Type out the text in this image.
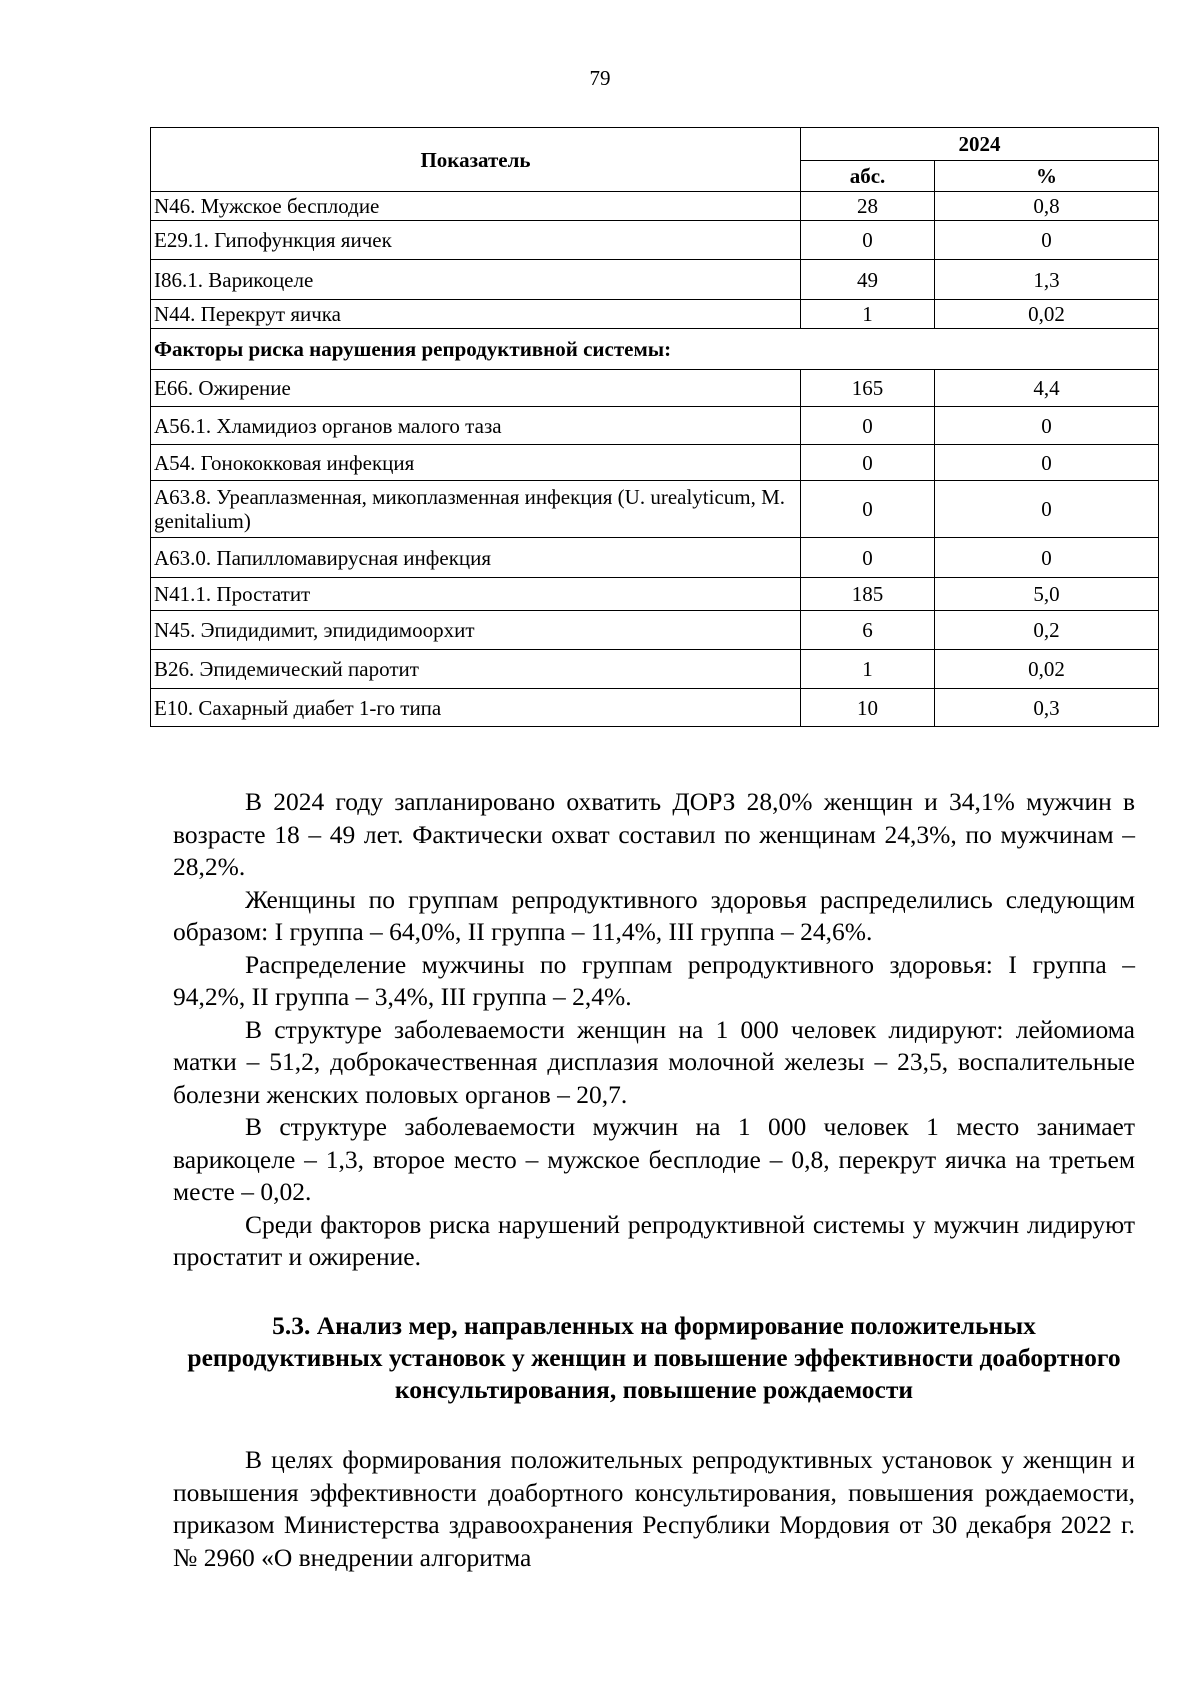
79
Показатель	2024	
	абс.	%
N46. Мужское бесплодие	28	0,8
E29.1. Гипофункция яичек	0	0
I86.1. Варикоцеле	49	1,3
N44. Перекрут яичка	1	0,02
Факторы риска нарушения репродуктивной системы:		
E66. Ожирение	165	4,4
A56.1. Хламидиоз органов малого таза	0	0
A54. Гонококковая инфекция	0	0
A63.8. Уреаплазменная, микоплазменная инфекция (U. urealyticum, M. genitalium)	0	0
A63.0. Папилломавирусная инфекция	0	0
N41.1. Простатит	185	5,0
N45. Эпидидимит, эпидидимоорхит	6	0,2
B26. Эпидемический паротит	1	0,02
E10. Сахарный диабет 1-го типа	10	0,3

В 2024 году запланировано охватить ДОРЗ 28,0% женщин и 34,1% мужчин в возрасте 18 – 49 лет. Фактически охват составил по женщинам 24,3%, по мужчинам – 28,2%.

Женщины по группам репродуктивного здоровья распределились следующим образом: I группа – 64,0%, II группа – 11,4%, III группа – 24,6%.

Распределение мужчины по группам репродуктивного здоровья: I группа – 94,2%, II группа – 3,4%, III группа – 2,4%.

В структуре заболеваемости женщин на 1 000 человек лидируют: лейомиома матки – 51,2, доброкачественная дисплазия молочной железы – 23,5, воспалительные болезни женских половых органов – 20,7.

В структуре заболеваемости мужчин на 1 000 человек 1 место занимает варикоцеле – 1,3, второе место – мужское бесплодие – 0,8, перекрут яичка на третьем месте – 0,02.

Среди факторов риска нарушений репродуктивной системы у мужчин лидируют простатит и ожирение.

5.3. Анализ мер, направленных на формирование положительных репродуктивных установок у женщин и повышение эффективности доабортного консультирования, повышение рождаемости

В целях формирования положительных репродуктивных установок у женщин и повышения эффективности доабортного консультирования, повышения рождаемости, приказом Министерства здравоохранения Республики Мордовия от 30 декабря 2022 г. № 2960 «О внедрении алгоритма
